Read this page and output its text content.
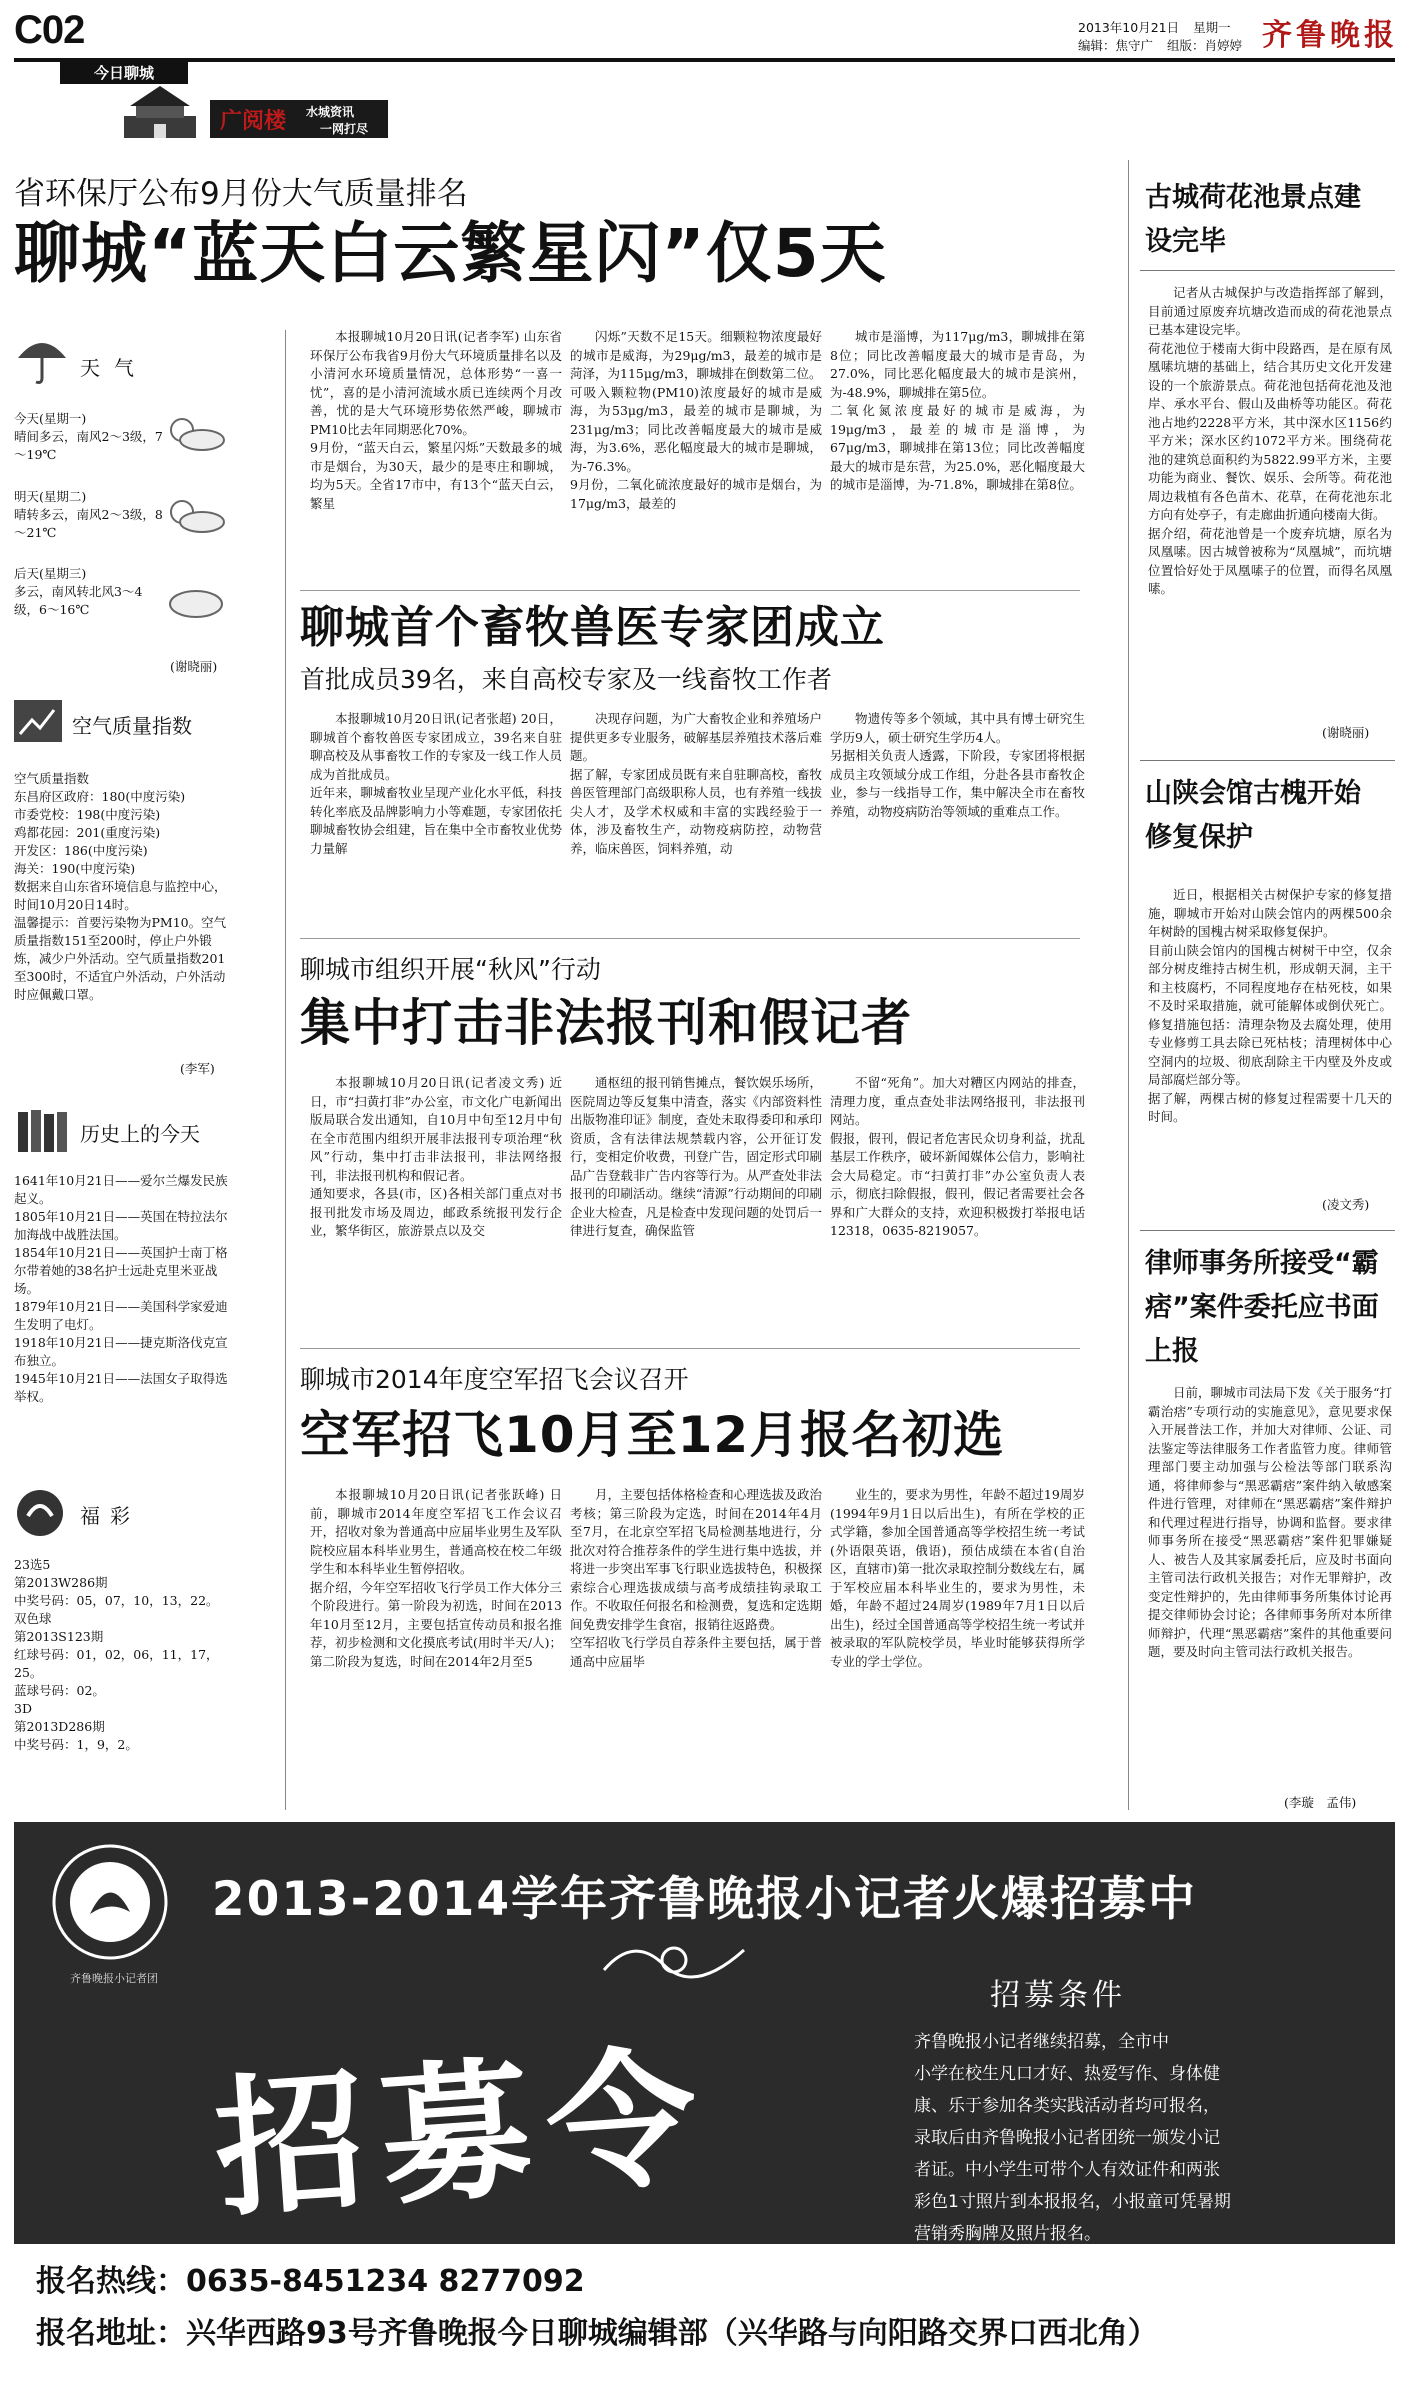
C02
今日聊城
2013年10月21日 星期一
编辑：焦守广 组版：肖婷婷 齐鲁晚报
广阅楼 水城资讯
一网打尽
省环保厅公布9月份大气质量排名
聊城“蓝天白云繁星闪”仅5天

本报聊城10月20日讯(记者李军) 山东省环保厅公布我省9月份大气环境质量排名以及小清河水环境质量情况，总体形势“一喜一忧”，喜的是小清河流域水质已连续两个月改善，忧的是大气环境形势依然严峻，聊城市PM10比去年同期恶化70%。
9月份，“蓝天白云，繁星闪烁”天数最多的城市是烟台，为30天，最少的是枣庄和聊城，均为5天。全省17市中，有13个“蓝天白云，繁星

闪烁”天数不足15天。细颗粒物浓度最好的城市是威海，为29μg/m3，最差的城市是菏泽，为115μg/m3，聊城排在倒数第二位。
可吸入颗粒物(PM10)浓度最好的城市是威海，为53μg/m3，最差的城市是聊城，为231μg/m3；同比改善幅度最大的城市是威海，为3.6%，恶化幅度最大的城市是聊城，为-76.3%。
9月份，二氧化硫浓度最好的城市是烟台，为17μg/m3，最差的

城市是淄博，为117μg/m3，聊城排在第8位；同比改善幅度最大的城市是青岛，为27.0%，同比恶化幅度最大的城市是滨州，为-48.9%，聊城排在第5位。
二氧化氮浓度最好的城市是威海，为19μg/m3，最差的城市是淄博，为67μg/m3，聊城排在第13位；同比改善幅度最大的城市是东营，为25.0%，恶化幅度最大的城市是淄博，为-71.8%，聊城排在第8位。

天气
今天(星期一)
晴间多云，南风2～3级，7～19℃
明天(星期二)
晴转多云，南风2～3级，8～21℃
后天(星期三)
多云，南风转北风3～4级，6～16℃
(谢晓丽)
空气质量指数
空气质量指数
东昌府区政府：180(中度污染)
市委党校：198(中度污染)
鸡都花园：201(重度污染)
开发区：186(中度污染)
海关：190(中度污染)
数据来自山东省环境信息与监控中心，时间10月20日14时。
温馨提示：首要污染物为PM10。空气质量指数151至200时，停止户外锻炼，减少户外活动。空气质量指数201至300时，不适宜户外活动，户外活动时应佩戴口罩。
(李军)
历史上的今天
1641年10月21日——爱尔兰爆发民族起义。
1805年10月21日——英国在特拉法尔加海战中战胜法国。
1854年10月21日——英国护士南丁格尔带着她的38名护士远赴克里米亚战场。
1879年10月21日——美国科学家爱迪生发明了电灯。
1918年10月21日——捷克斯洛伐克宣布独立。
1945年10月21日——法国女子取得选举权。
福彩
23选5
第2013W286期
中奖号码：05，07，10，13，22。
双色球
第2013S123期
红球号码：01，02，06，11，17，25。
蓝球号码：02。
3D
第2013D286期
中奖号码：1，9，2。
聊城首个畜牧兽医专家团成立
首批成员39名，来自高校专家及一线畜牧工作者

本报聊城10月20日讯(记者张超) 20日，聊城首个畜牧兽医专家团成立，39名来自驻聊高校及从事畜牧工作的专家及一线工作人员成为首批成员。
近年来，聊城畜牧业呈现产业化水平低，科技转化率底及品牌影响力小等难题，专家团依托聊城畜牧协会组建，旨在集中全市畜牧业优势力量解

决现存问题，为广大畜牧企业和养殖场户提供更多专业服务，破解基层养殖技术落后难题。
据了解，专家团成员既有来自驻聊高校，畜牧兽医管理部门高级职称人员，也有养殖一线拔尖人才，及学术权威和丰富的实践经验于一体，涉及畜牧生产，动物疫病防控，动物营养，临床兽医，饲料养殖，动

物遗传等多个领域，其中具有博士研究生学历9人，硕士研究生学历4人。
另据相关负责人透露，下阶段，专家团将根据成员主攻领域分成工作组，分赴各县市畜牧企业，参与一线指导工作，集中解决全市在畜牧养殖，动物疫病防治等领域的重难点工作。

聊城市组织开展“秋风”行动
集中打击非法报刊和假记者

本报聊城10月20日讯(记者凌文秀) 近日，市“扫黄打非”办公室，市文化广电新闻出版局联合发出通知，自10月中旬至12月中旬在全市范围内组织开展非法报刊专项治理“秋风”行动，集中打击非法报刊，非法网络报刊，非法报刊机构和假记者。
通知要求，各县(市，区)各相关部门重点对书报刊批发市场及周边，邮政系统报刊发行企业，繁华街区，旅游景点以及交

通枢纽的报刊销售摊点，餐饮娱乐场所，医院周边等反复集中清查，落实《内部资料性出版物准印证》制度，查处未取得委印和承印资质，含有法律法规禁载内容，公开征订发行，变相定价收费，刊登广告，固定形式印刷品广告登载非广告内容等行为。从严查处非法报刊的印刷活动。继续“清源”行动期间的印刷企业大检查，凡是检查中发现问题的处罚后一律进行复查，确保监管

不留“死角”。加大对糟区内网站的排查，清理力度，重点查处非法网络报刊，非法报刊网站。
假报，假刊，假记者危害民众切身利益，扰乱基层工作秩序，破坏新闻媒体公信力，影响社会大局稳定。市“扫黄打非”办公室负责人表示，彻底扫除假报，假刊，假记者需要社会各界和广大群众的支持，欢迎积极拨打举报电话12318，0635-8219057。

聊城市2014年度空军招飞会议召开
空军招飞10月至12月报名初选

本报聊城10月20日讯(记者张跃峰) 日前，聊城市2014年度空军招飞工作会议召开，招收对象为普通高中应届毕业男生及军队院校应届本科毕业男生，普通高校在校二年级学生和本科毕业生暂停招收。
据介绍，今年空军招收飞行学员工作大体分三个阶段进行。第一阶段为初选，时间在2013年10月至12月，主要包括宣传动员和报名推荐，初步检测和文化摸底考试(用时半天/人)；第二阶段为复选，时间在2014年2月至5

月，主要包括体格检查和心理选拔及政治考核；第三阶段为定选，时间在2014年4月至7月，在北京空军招飞局检测基地进行，分批次对符合推荐条件的学生进行集中选拔，并将进一步突出军事飞行职业选拔特色，积极探索综合心理选拔成绩与高考成绩挂钩录取工作。不收取任何报名和检测费，复选和定选期间免费安排学生食宿，报销往返路费。
空军招收飞行学员自荐条件主要包括，属于普通高中应届毕

业生的，要求为男性，年龄不超过19周岁(1994年9月1日以后出生)，有所在学校的正式学籍，参加全国普通高等学校招生统一考试(外语限英语，俄语)，预估成绩在本省(自治区，直辖市)第一批次录取控制分数线左右，属于军校应届本科毕业生的，要求为男性，未婚，年龄不超过24周岁(1989年7月1日以后出生)，经过全国普通高等学校招生统一考试并被录取的军队院校学员，毕业时能够获得所学专业的学士学位。

古城荷花池景点建设完毕

记者从古城保护与改造指挥部了解到，目前通过原废弃坑塘改造而成的荷花池景点已基本建设完毕。
荷花池位于楼南大街中段路西，是在原有凤凰嗉坑塘的基础上，结合其历史文化开发建设的一个旅游景点。荷花池包括荷花池及池岸、承水平台、假山及曲桥等功能区。荷花池占地约2228平方米，其中深水区1156约平方米；深水区约1072平方米。围绕荷花池的建筑总面积约为5822.99平方米，主要功能为商业、餐饮、娱乐、会所等。荷花池周边栽植有各色苗木、花草，在荷花池东北方向有处亭子，有走廊曲折通向楼南大街。
据介绍，荷花池曾是一个废弃坑塘，原名为凤凰嗉。因古城曾被称为“凤凰城”，而坑塘位置恰好处于凤凰嗉子的位置，而得名凤凰嗉。

(谢晓丽)
山陕会馆古槐开始修复保护

近日，根据相关古树保护专家的修复措施，聊城市开始对山陕会馆内的两棵500余年树龄的国槐古树采取修复保护。
目前山陕会馆内的国槐古树树干中空，仅余部分树皮维持古树生机，形成朝天洞，主干和主枝腐朽，不同程度地存在枯死枝，如果不及时采取措施，就可能解体或倒伏死亡。修复措施包括：清理杂物及去腐处理，使用专业修剪工具去除已死枯枝；清理树体中心空洞内的垃圾、彻底刮除主干内壁及外皮或局部腐烂部分等。
据了解，两棵古树的修复过程需要十几天的时间。

(凌文秀)
律师事务所接受“霸痞”案件委托应书面上报

日前，聊城市司法局下发《关于服务“打霸治痞”专项行动的实施意见》，意见要求保入开展普法工作，并加大对律师、公证、司法鉴定等法律服务工作者监管力度。律师管理部门要主动加强与公检法等部门联系沟通，将律师参与“黑恶霸痞”案件纳入敏感案件进行管理，对律师在“黑恶霸痞”案件辩护和代理过程进行指导，协调和监督。要求律师事务所在接受“黑恶霸痞”案件犯罪嫌疑人、被告人及其家属委托后，应及时书面向主管司法行政机关报告；对作无罪辩护，改变定性辩护的，先由律师事务所集体讨论再提交律师协会讨论；各律师事务所对本所律师辩护，代理“黑恶霸痞”案件的其他重要问题，要及时向主管司法行政机关报告。

(李璇　孟伟)
齐鲁晚报小记者团
2013-2014学年齐鲁晚报小记者火爆招募中
招募令
招募条件
齐鲁晚报小记者继续招募，全市中
小学在校生凡口才好、热爱写作、身体健
康、乐于参加各类实践活动者均可报名，
录取后由齐鲁晚报小记者团统一颁发小记
者证。中小学生可带个人有效证件和两张
彩色1寸照片到本报报名，小报童可凭暑期
营销秀胸牌及照片报名。
报名热线：0635-8451234 8277092
报名地址：兴华西路93号齐鲁晚报今日聊城编辑部（兴华路与向阳路交界口西北角）
